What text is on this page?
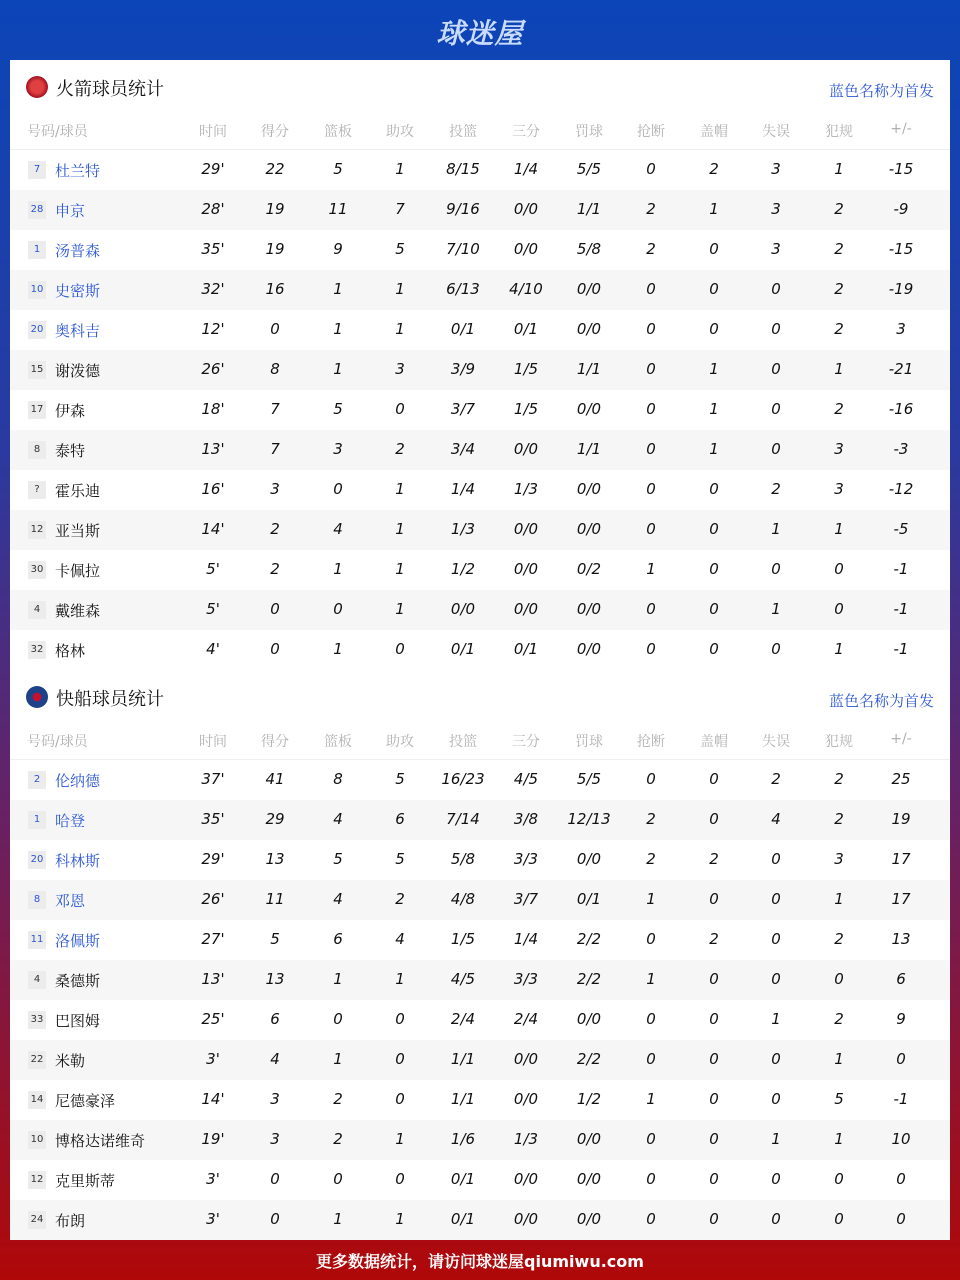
球迷屋
火箭球员统计	蓝色名称为首发
号码/球员	时间 得分	篮板 助攻	投篮	三分	罚球 抢断	盖帽 失误	犯规	+/-
7 杜兰特	29'	22	5	1	8/15 1/4	5/5	0	2	3	1	-15
28 申京	28'	19	11	7	9/16 0/0	1/1	2	1	3	2	-9
1 汤普森	35'	19	9	5	7/10 0/0	5/8	2	0	3	2	-15
10 史密斯	32'	16	1	1	6/13 4/10 0/0	0	0	0	2	-19
20 奥科吉	12'	0	1	1	0/1	0/1	0/0	0	0	0	2	3
15 谢泼德	26'	8	1	3	3/9	1/5	1/1	0	1	0	1	-21
17 伊森	18'	7	5	0	3/7	1/5	0/0	0	1	0	2	-16
8 泰特	13'	7	3	2	3/4	0/0	1/1	0	1	0	3	-3
?	霍乐迪	16'	3	0	1	1/4	1/3	0/0	0	0	2	3	-12
12 亚当斯	14'	2	4	1	1/3	0/0	0/0	0	0	1	1	-5
30 卡佩拉	5'	2	1	1	1/2	0/0	0/2	1	0	0	0	-1
4 戴维森	5'	0	0	1	0/0	0/0	0/0	0	0	1	0	-1
32 格林	4'	0	1	0	0/1	0/1	0/0	0	0	0	1	-1
快船球员统计	蓝色名称为首发
号码/球员	时间 得分	篮板 助攻	投篮	三分	罚球 抢断	盖帽 失误	犯规	+/-
2 伦纳德	37'	41	8	5 16/23 4/5	5/5	0	0	2	2	25
1 哈登	35'	29	4	6	7/14 3/8 12/13 2	0	4	2	19
20 科林斯	29'	13	5	5	5/8	3/3	0/0	2	2	0	3	17
8 邓恩	26'	11	4	2	4/8	3/7	0/1	1	0	0	1	17
11 洛佩斯	27'	5	6	4	1/5	1/4	2/2	0	2	0	2	13
4 桑德斯	13'	13	1	1	4/5	3/3	2/2	1	0	0	0	6
33 巴图姆	25'	6	0	0	2/4	2/4	0/0	0	0	1	2	9
22 米勒	3'	4	1	0	1/1	0/0	2/2	0	0	0	1	0
14 尼德豪泽	14'	3	2	0	1/1	0/0	1/2	1	0	0	5	-1
10 博格达诺维奇	19'	3	2	1	1/6	1/3	0/0	0	0	1	1	10
12 克里斯蒂	3'	0	0	0	0/1	0/0	0/0	0	0	0	0	0
24 布朗	3'	0	1	1	0/1	0/0	0/0	0	0	0	0	0
更多数据统计，请访问球迷屋qiumiwu.com
